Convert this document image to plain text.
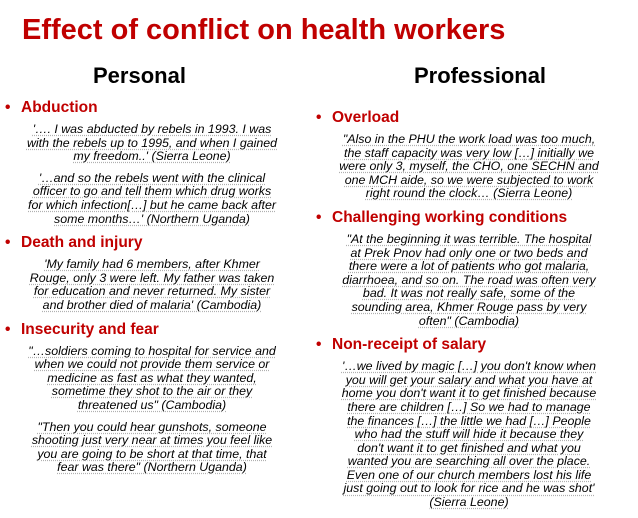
Effect of conflict on health workers
Personal	Professional
• Abduction
'…. I was abducted by rebels in 1993. I was
with the rebels up to 1995, and when I gained
my freedom..' (Sierra Leone)
'…and so the rebels went with the clinical
officer to go and tell them which drug works
for which infection[…] but he came back after
some months…' (Northern Uganda)
• Death and injury
'My family had 6 members, after Khmer
Rouge, only 3 were left. My father was taken
for education and never returned. My sister
and brother died of malaria' (Cambodia)
• Insecurity and fear
"…soldiers coming to hospital for service and
when we could not provide them service or
medicine as fast as what they wanted,
sometime they shot to the air or they
threatened us" (Cambodia)
"Then you could hear gunshots, someone
shooting just very near at times you feel like
you are going to be short at that time, that
fear was there" (Northern Uganda)
• Overload
"Also in the PHU the work load was too much,
the staff capacity was very low […] initially we
were only 3, myself, the CHO, one SECHN and
one MCH aide, so we were subjected to work
right round the clock… (Sierra Leone)
• Challenging working conditions
"At the beginning it was terrible. The hospital
at Prek Pnov had only one or two beds and
there were a lot of patients who got malaria,
diarrhoea, and so on. The road was often very
bad. It was not really safe, some of the
sounding area, Khmer Rouge pass by very
often" (Cambodia)
• Non-receipt of salary
'…we lived by magic […] you don't know when
you will get your salary and what you have at
home you don't want it to get finished because
there are children […] So we had to manage
the finances […] the little we had […] People
who had the stuff will hide it because they
don't want it to get finished and what you
wanted you are searching all over the place.
Even one of our church members lost his life
just going out to look for rice and he was shot'
(Sierra Leone)
